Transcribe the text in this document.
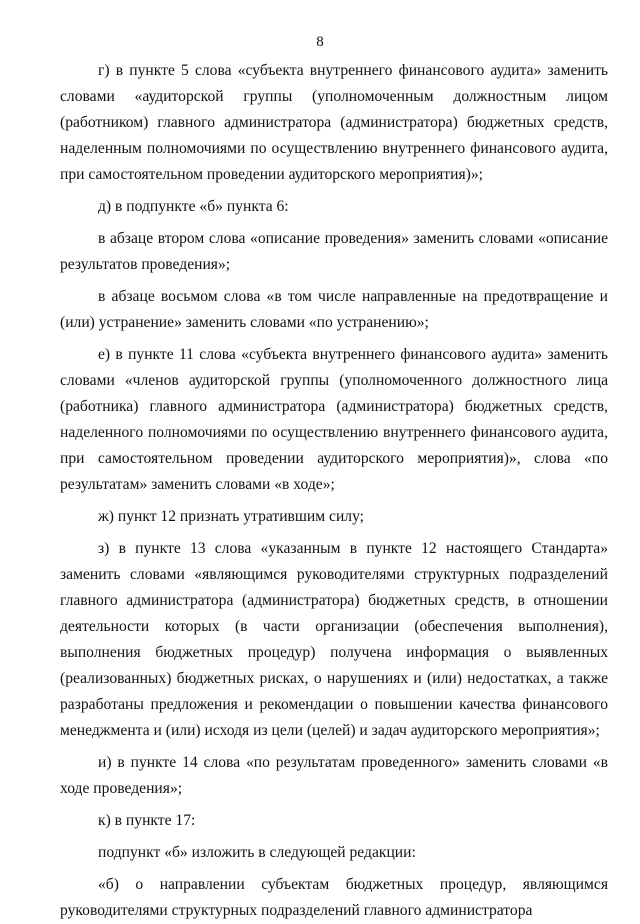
8

г) в пункте 5 слова «субъекта внутреннего финансового аудита» заменить словами «аудиторской группы (уполномоченным должностным лицом (работником) главного администратора (администратора) бюджетных средств, наделенным полномочиями по осуществлению внутреннего финансового аудита, при самостоятельном проведении аудиторского мероприятия)»;

д) в подпункте «б» пункта 6:

в абзаце втором слова «описание проведения» заменить словами «описание результатов проведения»;

в абзаце восьмом слова «в том числе направленные на предотвращение и (или) устранение» заменить словами «по устранению»;

е) в пункте 11 слова «субъекта внутреннего финансового аудита» заменить словами «членов аудиторской группы (уполномоченного должностного лица (работника) главного администратора (администратора) бюджетных средств, наделенного полномочиями по осуществлению внутреннего финансового аудита, при самостоятельном проведении аудиторского мероприятия)», слова «по результатам» заменить словами «в ходе»;

ж) пункт 12 признать утратившим силу;

з) в пункте 13 слова «указанным в пункте 12 настоящего Стандарта» заменить словами «являющимся руководителями структурных подразделений главного администратора (администратора) бюджетных средств, в отношении деятельности которых (в части организации (обеспечения выполнения), выполнения бюджетных процедур) получена информация о выявленных (реализованных) бюджетных рисках, о нарушениях и (или) недостатках, а также разработаны предложения и рекомендации о повышении качества финансового менеджмента и (или) исходя из цели (целей) и задач аудиторского мероприятия»;

и) в пункте 14 слова «по результатам проведенного» заменить словами «в ходе проведения»;

к) в пункте 17:

подпункт «б» изложить в следующей редакции:

«б) о направлении субъектам бюджетных процедур, являющимся руководителями структурных подразделений главного администратора
